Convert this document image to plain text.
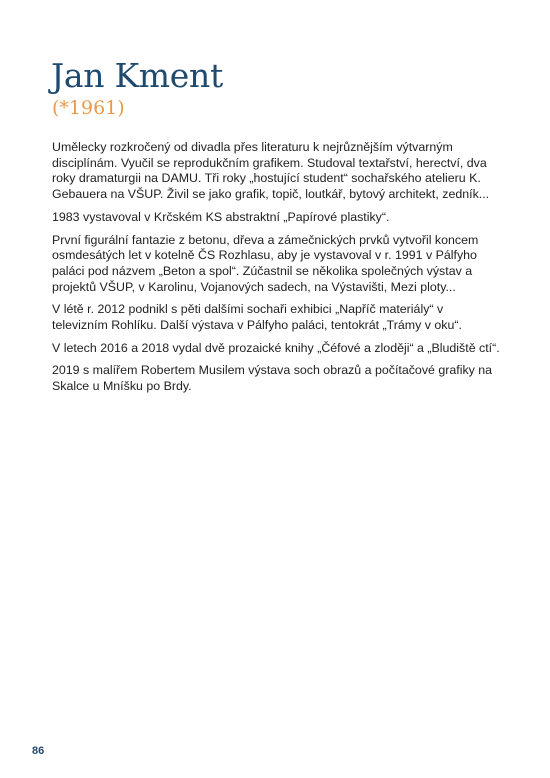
Jan Kment
(*1961)

Umělecky rozkročený od divadla přes literaturu k nejrůznějším výtvarným disciplínám. Vyučil se reprodukčním grafikem. Studoval textařství, herectví, dva roky dramaturgii na DAMU. Tři roky „hostující student“ sochařského atelieru K. Gebauera na VŠUP. Živil se jako grafik, topič, loutkář, bytový architekt, zedník...

1983 vystavoval v Krčském KS abstraktní „Papírové plastiky“.

První figurální fantazie z betonu, dřeva a zámečnických prvků vytvořil koncem osmdesátých let v kotelně ČS Rozhlasu, aby je vystavoval v r. 1991 v Pálfyho paláci pod názvem „Beton a spol“. Zúčastnil se několika společných výstav a projektů VŠUP, v Karolinu, Vojanových sadech, na Výstavišti, Mezi ploty...

V létě r. 2012 podnikl s pěti dalšími sochaři exhibici „Napříč materiály“ v televizním Rohlíku. Další výstava v Pálfyho paláci, tentokrát „Trámy v oku“.

V letech 2016 a 2018 vydal dvě prozaické knihy „Čéfové a zloději“ a „Bludiště ctí“.

2019 s malířem Robertem Musilem výstava soch obrazů a počítačové grafiky na Skalce u Mníšku po Brdy.

86
